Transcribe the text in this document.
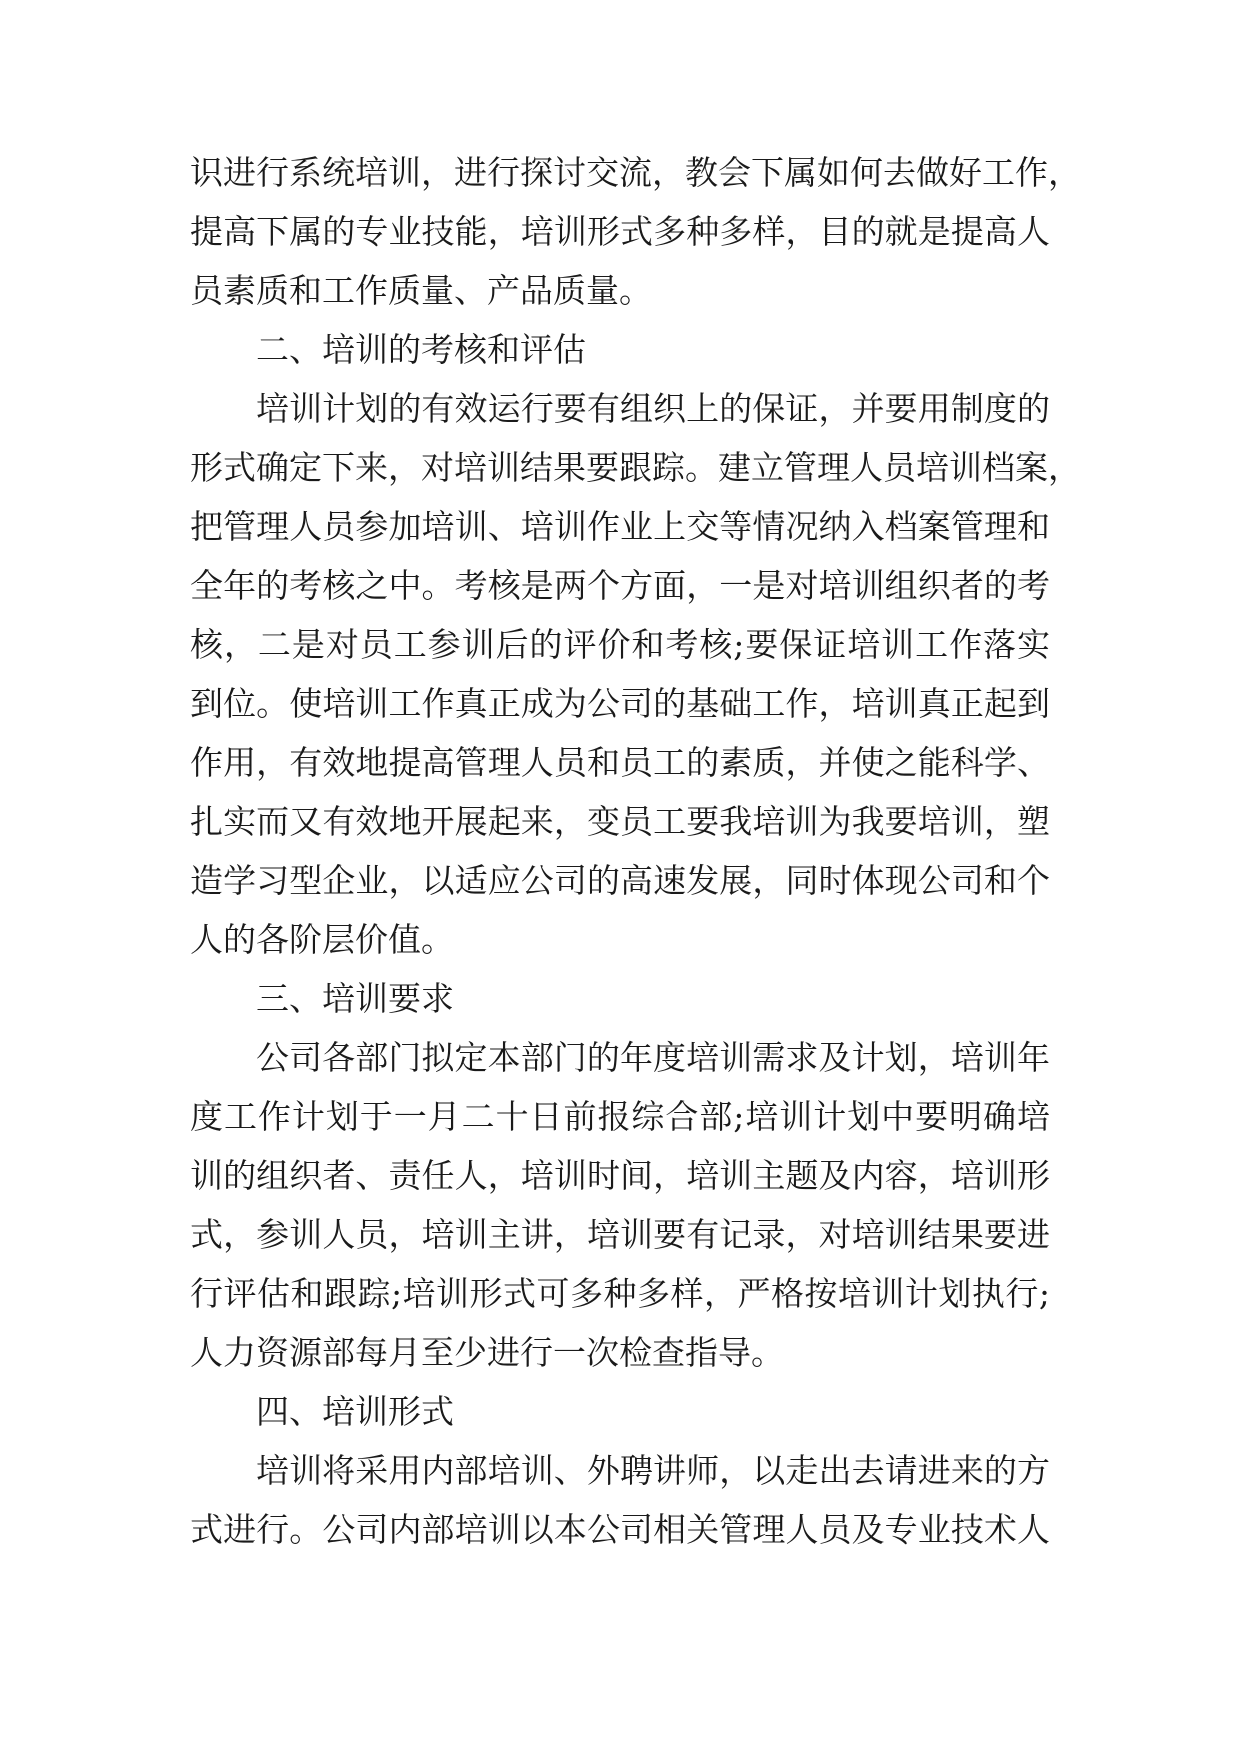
识进行系统培训，进行探讨交流，教会下属如何去做好工作，

提高下属的专业技能，培训形式多种多样，目的就是提高人

员素质和工作质量、产品质量。

二、培训的考核和评估

培训计划的有效运行要有组织上的保证，并要用制度的

形式确定下来，对培训结果要跟踪。建立管理人员培训档案，

把管理人员参加培训、培训作业上交等情况纳入档案管理和

全年的考核之中。考核是两个方面，一是对培训组织者的考

核，二是对员工参训后的评价和考核;要保证培训工作落实

到位。使培训工作真正成为公司的基础工作，培训真正起到

作用，有效地提高管理人员和员工的素质，并使之能科学、

扎实而又有效地开展起来，变员工要我培训为我要培训，塑

造学习型企业，以适应公司的高速发展，同时体现公司和个

人的各阶层价值。

三、培训要求

公司各部门拟定本部门的年度培训需求及计划，培训年

度工作计划于一月二十日前报综合部;培训计划中要明确培

训的组织者、责任人，培训时间，培训主题及内容，培训形

式，参训人员，培训主讲，培训要有记录，对培训结果要进

行评估和跟踪;培训形式可多种多样，严格按培训计划执行;

人力资源部每月至少进行一次检查指导。

四、培训形式

培训将采用内部培训、外聘讲师，以走出去请进来的方

式进行。公司内部培训以本公司相关管理人员及专业技术人
